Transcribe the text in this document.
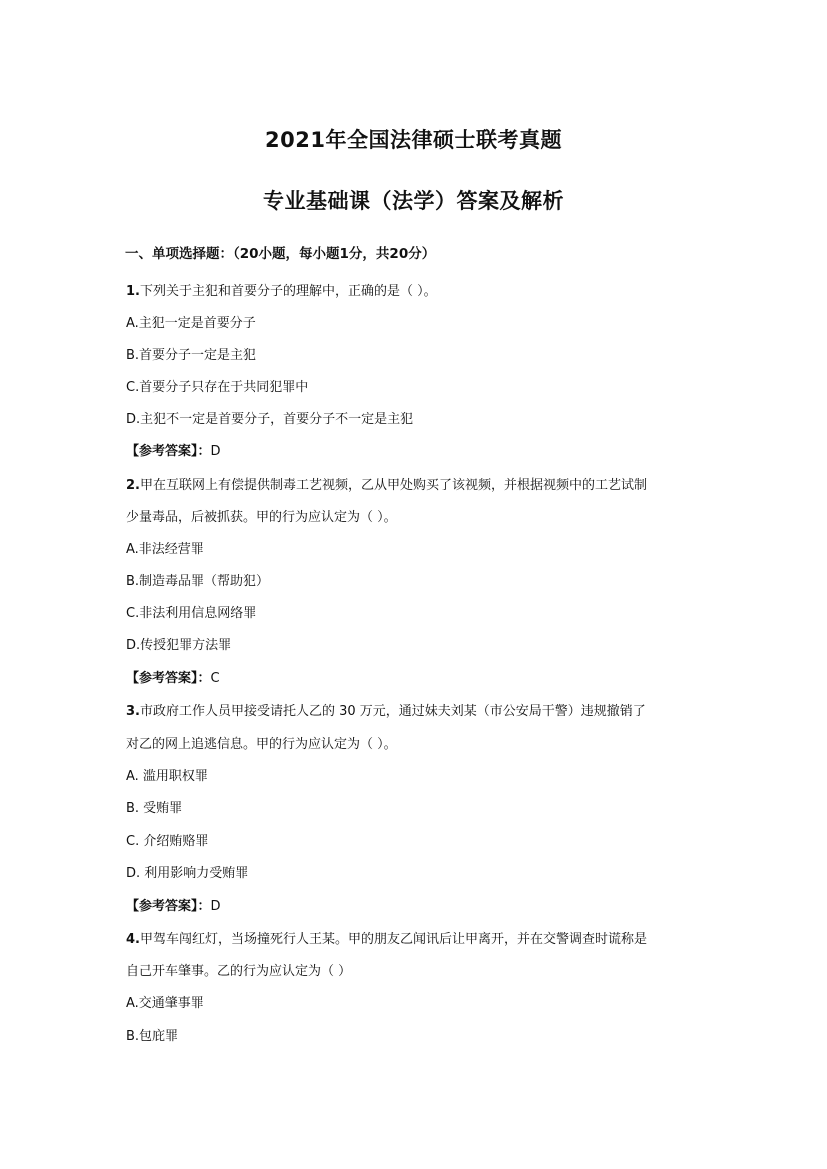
2021年全国法律硕士联考真题
专业基础课（法学）答案及解析
一、单项选择题：（20小题，每小题1分，共20分）
1.下列关于主犯和首要分子的理解中，正确的是（ ）。
A.主犯一定是首要分子
B.首要分子一定是主犯
C.首要分子只存在于共同犯罪中
D.主犯不一定是首要分子，首要分子不一定是主犯
【参考答案】：D
2.甲在互联网上有偿提供制毒工艺视频，乙从甲处购买了该视频，并根据视频中的工艺试制
少量毒品，后被抓获。甲的行为应认定为（ ）。
A.非法经营罪
B.制造毒品罪（帮助犯）
C.非法利用信息网络罪
D.传授犯罪方法罪
【参考答案】：C
3.市政府工作人员甲接受请托人乙的 30 万元，通过妹夫刘某（市公安局干警）违规撤销了
对乙的网上追逃信息。甲的行为应认定为（ ）。
A. 滥用职权罪
B. 受贿罪
C. 介绍贿赂罪
D. 利用影响力受贿罪
【参考答案】：D
4.甲驾车闯红灯，当场撞死行人王某。甲的朋友乙闻讯后让甲离开，并在交警调查时谎称是
自己开车肇事。乙的行为应认定为（ ）
A.交通肇事罪
B.包庇罪
